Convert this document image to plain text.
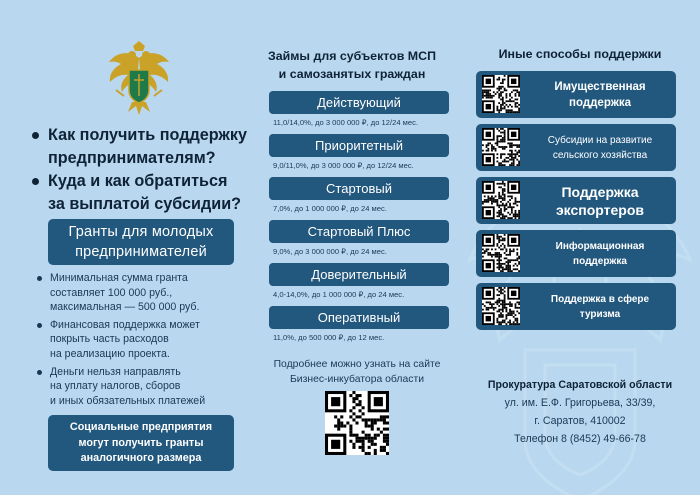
Как получить поддержку
предпринимателям?
Куда и как обратиться
за выплатой субсидии?
Гранты для молодых
предпринимателей
Минимальная сумма гранта
составляет 100 000 руб.,
максимальная — 500 000 руб.
Финансовая поддержка может
покрыть часть расходов
на реализацию проекта.
Деньги нельзя направлять
на уплату налогов, сборов
и иных обязательных платежей
Социальные предприятия
могут получить гранты
аналогичного размера
Займы для субъектов МСП
и самозанятых граждан
Действующий
11,0/14,0%, до 3 000 000 ₽, до 12/24 мес.
Приоритетный
9,0/11,0%, до 3 000 000 ₽, до 12/24 мес.
Стартовый
7,0%, до 1 000 000 ₽, до 24 мес.
Стартовый Плюс
9,0%, до 3 000 000 ₽, до 24 мес.
Доверительный
4,0-14,0%, до 1 000 000 ₽, до 24 мес.
Оперативный
11,0%, до 500 000 ₽, до 12 мес.
Подробнее можно узнать на сайте
Бизнес-инкубатора области
Иные способы поддержки
Имущественная
поддержка
Субсидии на развитие
сельского хозяйства
Поддержка
экспортеров
Информационная
поддержка
Поддержка в сфере
туризма
Прокуратура Саратовской области
ул. им. Е.Ф. Григорьева, 33/39,
г. Саратов, 410002
Телефон 8 (8452) 49-66-78
